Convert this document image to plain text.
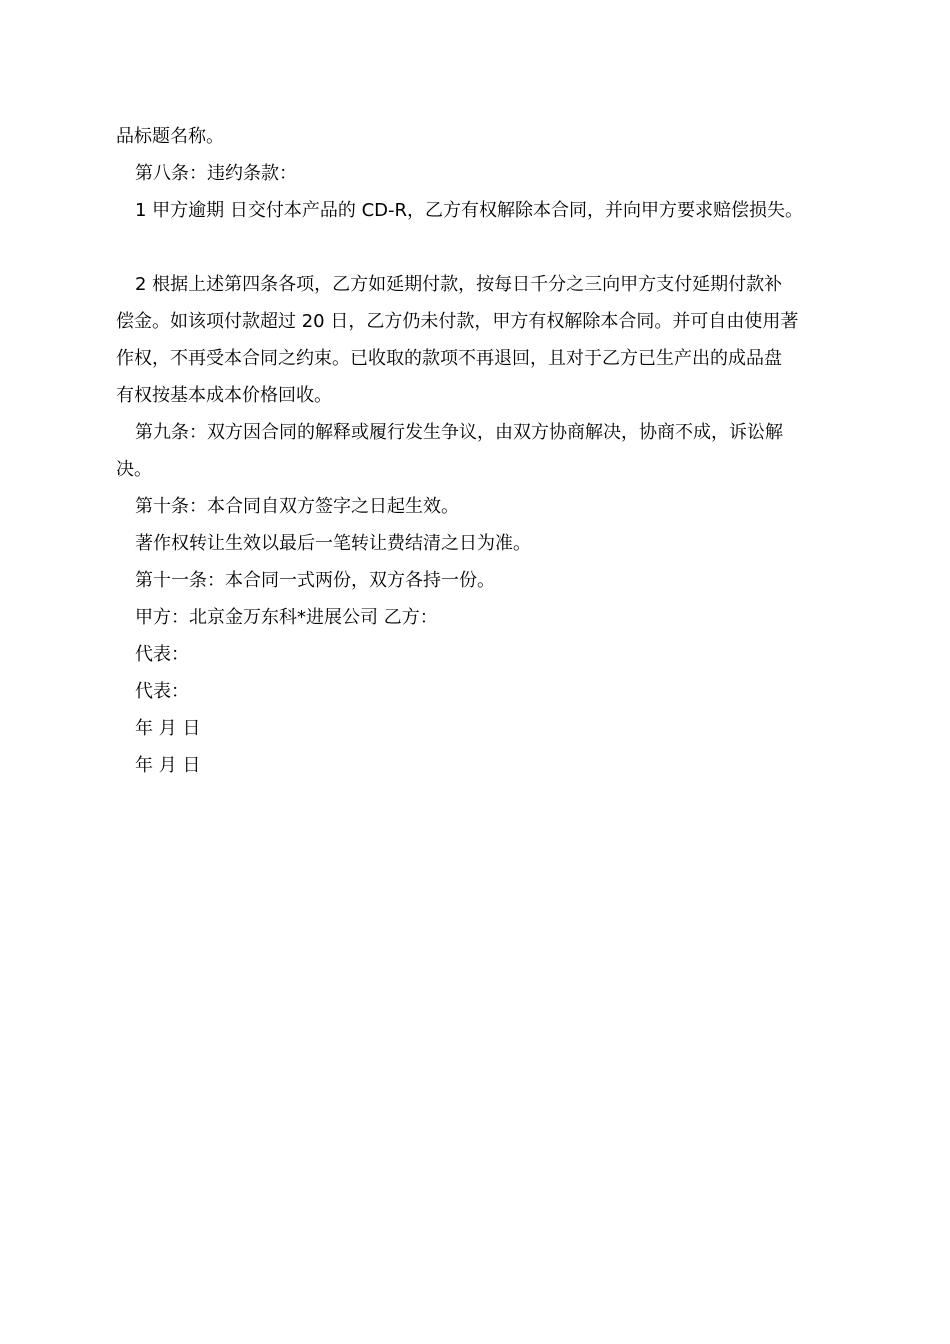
品标题名称。

第八条：违约条款：

1 甲方逾期 日交付本产品的 CD-R，乙方有权解除本合同，并向甲方要求赔偿损失。

2 根据上述第四条各项，乙方如延期付款，按每日千分之三向甲方支付延期付款补

偿金。如该项付款超过 20 日，乙方仍未付款，甲方有权解除本合同。并可自由使用著

作权，不再受本合同之约束。已收取的款项不再退回，且对于乙方已生产出的成品盘

有权按基本成本价格回收。

第九条：双方因合同的解释或履行发生争议，由双方协商解决，协商不成，诉讼解

决。

第十条：本合同自双方签字之日起生效。

著作权转让生效以最后一笔转让费结清之日为准。

第十一条：本合同一式两份，双方各持一份。

甲方：北京金万东科*进展公司 乙方：

代表：

代表：

年 月 日

年 月 日
